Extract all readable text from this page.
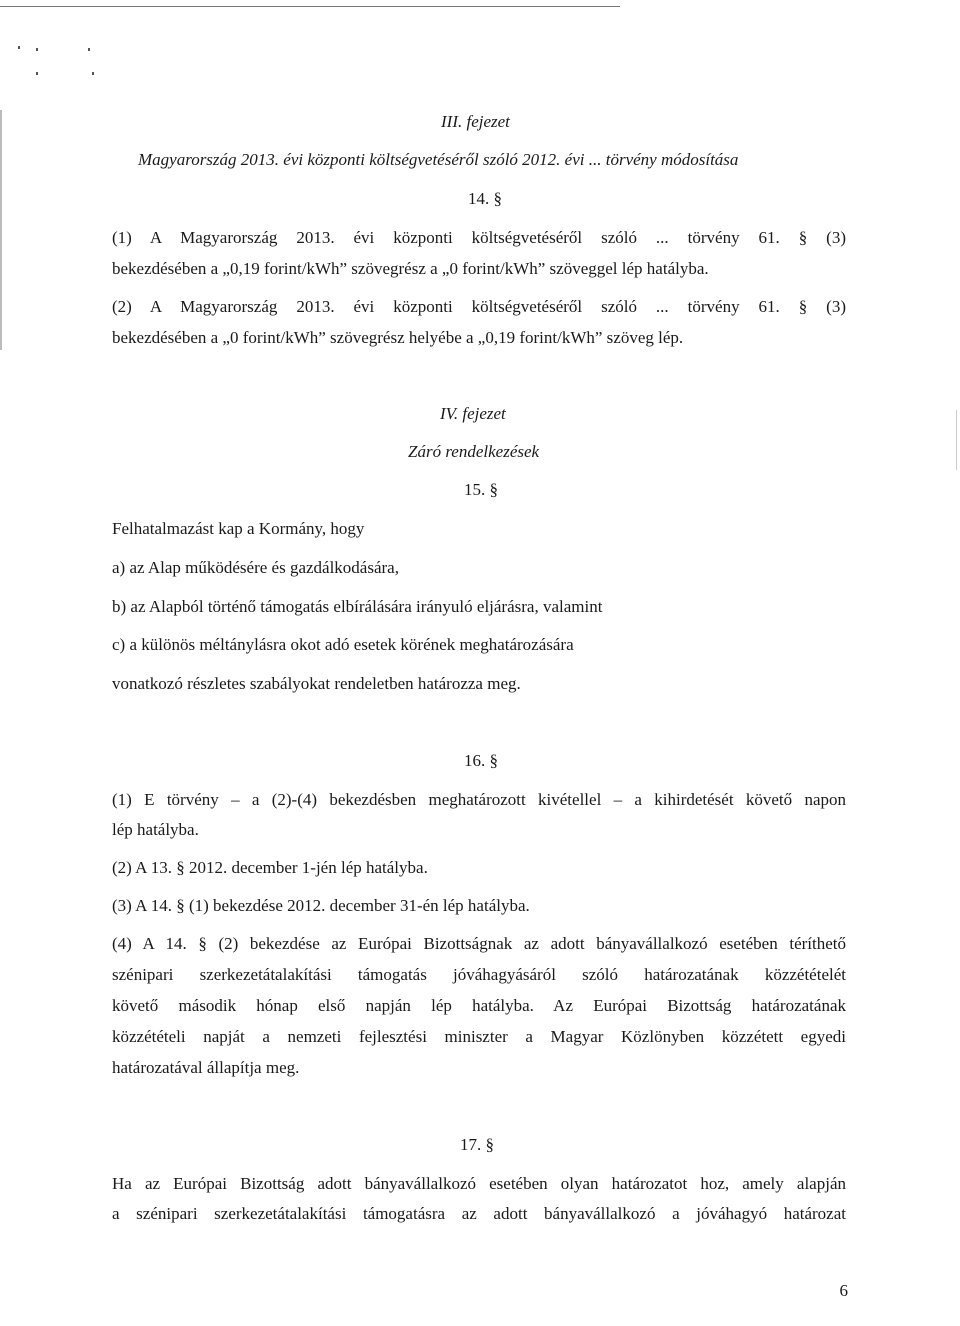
III. fejezet
Magyarország 2013. évi központi költségvetéséről szóló 2012. évi ... törvény módosítása
14. §
(1) A Magyarország 2013. évi központi költségvetéséről szóló ... törvény 61. § (3)
bekezdésében a „0,19 forint/kWh” szövegrész a „0 forint/kWh” szöveggel lép hatályba.
(2) A Magyarország 2013. évi központi költségvetéséről szóló ... törvény 61. § (3)
bekezdésében a „0 forint/kWh” szövegrész helyébe a „0,19 forint/kWh” szöveg lép.
IV. fejezet
Záró rendelkezések
15. §
Felhatalmazást kap a Kormány, hogy
a) az Alap működésére és gazdálkodására,
b) az Alapból történő támogatás elbírálására irányuló eljárásra, valamint
c) a különös méltánylásra okot adó esetek körének meghatározására
vonatkozó részletes szabályokat rendeletben határozza meg.
16. §
(1) E törvény – a (2)-(4) bekezdésben meghatározott kivétellel – a kihirdetését követő napon
lép hatályba.
(2) A 13. § 2012. december 1-jén lép hatályba.
(3) A 14. § (1) bekezdése 2012. december 31-én lép hatályba.
(4) A 14. § (2) bekezdése az Európai Bizottságnak az adott bányavállalkozó esetében téríthető
szénipari szerkezetátalakítási támogatás jóváhagyásáról szóló határozatának közzétételét
követő második hónap első napján lép hatályba. Az Európai Bizottság határozatának
közzétételi napját a nemzeti fejlesztési miniszter a Magyar Közlönyben közzétett egyedi
határozatával állapítja meg.
17. §
Ha az Európai Bizottság adott bányavállalkozó esetében olyan határozatot hoz, amely alapján
a szénipari szerkezetátalakítási támogatásra az adott bányavállalkozó a jóváhagyó határozat
6
